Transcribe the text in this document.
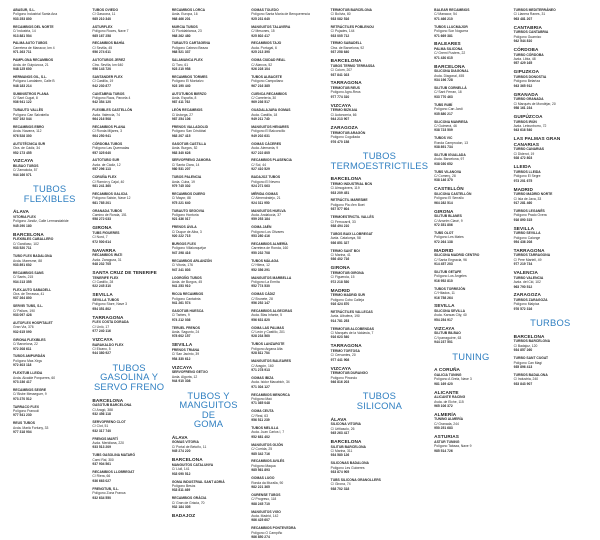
ABASUR, S.L.
Polígono Industrial Santa Ana
933 253 800
RECAMBIOS DEL NORTE
C/ Industria, 14
913 881 504
PALMA AUTO TUBOS
Carretera de Manacor, km 4
971 263 711
PAMPLONA RECAMBIOS
Avda. de Guipúzcoa, 21
948 125 600
HERMANOS GIL, S.L.
Polígono Landaben, Calle B
948 183 214
SUMINISTROS PLANA
C/ Sant Cugat, 8
936 941 122
TUBAUTO VALLÈS
Polígono Can Salvatella
937 192 044
RECAMBIOS EBRO
Avda. Navarra, 112
976 528 300
AUTOTÉCNICA SUR
Ctra. de Cádiz, 34
952 173 455
VIZCAYA
BILBAO TUBOS
C/ Zamakola, 57
944 166 071
TUBOS
FLEXIBLES
ÁLAVA
VITORIA FLEX
Polígono Júndiz, Calle Lermandabide
945 290 180
BARCELONA
FLEXIBLES CABALLERO
C/ Garcilaso, 102
933 520 711
TUBO FLEX BADALONA
Avda. Maresme, 88
933 891 602
RECAMBIOS SANS
C/ Sants, 215
934 213 355
FLEX-AUTO SABADELL
Ctra. de Terrassa, 41
937 264 800
SERVEI TUBS, S.L.
C/ Pallars, 190
933 097 428
AUTOFLEX HOSPITALET
Gran Via, 376
932 615 090
GIRONA FLEXIBLES
C/ Barcelona, 22
972 208 611
TUBOS AMPURDÁN
Polígono Mas Xirgu
972 403 118
FLEXITUB LLEIDA
Avda. Alcalde Porqueres, 60
973 236 417
RECAMBIOS SEGRE
C/ Bisbe Messeguer, 9
973 270 512
TARRACO FLEX
Polígono Francolí
977 541 230
REUS TUBOS
Avda. Marià Fortuny, 33
977 318 904
TUBOS OVIEDO
C/ Gascona, 11
985 210 340
ASTURFLEX
Polígono Roces, Nave 7
985 167 258
RECAMBIOS BAHÍA
C/ Sevilla, 45
956 274 611
AUTOTUBOS JEREZ
Ctra. Sevilla, km 640
956 143 720
SANTANDER FLEX
C/ Castilla, 19
942 230 877
CANTABRIA TUBOS
Polígono Raos, Parcela 4
942 354 120
FLEXIBLES CASTELLÓN
Avda. Valencia, 74
964 216 508
RECAMBIOS PLANA
C/ Ronda Mijares, 3
964 250 941
CÓRDOBA TUBOS
Polígono Las Quemadas
957 325 640
AUTOTUBO SUR
Avda. de Cádiz, 12
957 296 113
CORUÑA FLEX
C/ Ramón y Cajal, 40
981 241 360
RECAMBIOS GALICIA
Polígono Sabón, Nave 12
981 785 201
GRANADA TUBOS
Camino de Ronda, 151
958 272 033
GIRONA
TUBS FIGUERES
C/ Nord, 7
972 500 614
NAVARRA
RECAMBIOS IRATI
Avda. Zaragoza, 31
948 232 705
SANTA CRUZ DE TENERIFE
TENERIFE FLEX
C/ Castillo, 28
922 245 310
SEVILLA
SEVILLA TUBOS
Polígono Store, Nave 3
954 351 802
TARRAGONA
FLEX COSTA DORADA
C/ Unió, 17
977 240 116
VIZCAYA
BARAKALDO FLEX
C/ Elcano, 5
944 380 927
TUBOS
GASOLINA Y
SERVO FRENO
BARCELONA
GASOTUB BARCELONA
C/ Aragó, 388
932 456 118
SERVOFRENO CLOT
C/ Clot, 51
932 317 740
FRENOS MARTÍ
Avda. Meridiana, 220
933 513 209
TUBS GASOLINA MATARÓ
Camí Ral, 300
937 904 561
RECAMBIOS LLOBREGAT
C/ Riera, 66
936 663 027
FRENOTUB, S.L.
Polígono Zona Franca
932 634 550
RECAMBIOS LORCA
Avda. Europa, 16
968 466 201
MURCIA TUBOS
C/ Floridablanca, 23
968 262 480
TUBAUTO CARTAGENA
Polígono Cabezo Beaza
968 521 337
SALAMANCA FLEX
C/ Toro, 61
923 210 958
RECAMBIOS TORMES
Polígono El Montalvo
923 190 440
AUTOTUBOS BIERZO
Avda. España, 8
987 411 762
LEÓN RECAMBIOS
C/ Astorga, 27
987 254 106
FRENOS VALLADOLID
Polígono San Cristóbal
983 207 415
GASOTUB CASTILLA
Avda. Burgos, 52
983 340 628
SERVOFRENO ZAMORA
C/ Santa Clara, 14
980 531 207
TUBOS PALENCIA
Avda. Cuba, 19
979 745 302
RECAMBIOS DUERO
C/ Mayor, 88
975 221 640
TUBAUTO SEGOVIA
Polígono Hontoria
921 436 017
FRENOS ÁVILA
C/ Duque de Alba, 3
920 222 715
BURGOS FLEX
Polígono Villalonquéjar
947 298 416
RECAMBIOS ARLANZÓN
C/ Vitoria, 176
947 241 803
LOGROÑO TUBOS
Avda. de Burgos, 45
941 253 910
RIOJA RECAMBIOS
Polígono Cantabria
941 261 574
GASOTUB HUESCA
C/ Tarbes, 9
974 212 036
TERUEL FRENOS
Avda. Sagunto, 24
978 602 157
SEVILLA
FRENOS TRIANA
C/ San Jacinto, 39
954 330 612
VIZCAYA
SERVOFRENO GETXO
Avda. Algorta, 12
944 910 308
TUBOS Y
MANGUITOS DE
GOMA
ÁLAVA
GOMAS VITORIA
C/ Portal de Betoño, 11
945 274 220
BARCELONA
MANGUITOS CATALUNYA
C/ Llull, 141
933 090 512
GOMA INDUSTRIAL SANT ADRIÀ
Polígono Besòs
933 811 469
RECAMBIOS GRÀCIA
C/ Gran de Gràcia, 70
932 184 305
BADAJOZ
GOMAS TOLEDO
Polígono Santa María de Benquerencia
925 231 640
MANGUITOS TALAVERA
C/ Mesones, 15
925 802 417
RECAMBIOS TAJO
Avda. Portugal, 6
925 213 390
GOMA CIUDAD REAL
C/ Alarcos, 52
926 228 104
TUBOS ALBACETE
Polígono Campollano
967 216 385
CUENCA RECAMBIOS
C/ Carretería, 30
969 236 517
GUADALAJARA GOMAS
Avda. Castilla, 18
949 211 740
MANGUITOS HENARES
Polígono El Balconcillo
949 202 631
GOMAS CÁCERES
Avda. Alemania, 9
927 222 805
RECAMBIOS PLASENCIA
C/ Sol, 44
927 410 529
BADAJOZ TUBOS
Polígono El Nevero
924 271 063
MÉRIDA GOMAS
C/ Almendralejo, 21
924 311 950
MANGUITOS HUELVA
Avda. Andalucía, 37
959 253 184
GOMA JAÉN
Polígono Los Olivares
953 280 416
RECAMBIOS ALMERÍA
Carretera de Ronda, 160
950 232 708
TUBOS MÁLAGA
C/ Hilera, 12
952 356 291
MANGUITOS MARBELLA
Polígono La Ermita
952 774 530
GOMAS CÁDIZ
C/ Brunete, 28
956 252 147
RECAMBIOS ALGECIRAS
Avda. Blas Infante, 5
956 631 820
GOMA LAS PALMAS
C/ León y Castillo, 201
928 234 560
TUBOS LANZAROTE
Polígono Argana Alta
928 811 704
MANGUITOS BALEARES
C/ Aragón, 160
971 278 913
GOMAS IBIZA
Avda. Isidor Macabich, 34
971 304 127
RECAMBIOS MENORCA
Polígono Maó
971 365 048
GOMA CEUTA
C/ Real, 63
956 511 239
TUBOS MELILLA
Avda. Juan Carlos I, 7
952 681 402
MANGUITOS GIJÓN
C/ Corrida, 25
985 342 716
RECAMBIOS AVILÉS
Polígono Maqua
985 561 893
GOMAS LUGO
Ronda da Muralla, 90
982 221 365
OURENSE TUBOS
C/ Progreso, 118
988 245 710
MANGUITOS VIGO
Avda. Madrid, 142
986 425 607
RECAMBIOS PONTEVEDRA
Polígono O Campiño
986 850 274
TERMOTUB BARCELONA
C/ Bolívia, 80
933 082 516
RETRÁCTILES POBLENOU
C/ Pujades, 144
933 005 712
TERMO SABADELL
Ctra. de Barcelona, 92
937 258 640
BARCELONA
TUBOS TERMO TERRASSA
C/ Colom, 207
937 841 023
TARRAGONA
TERMOTUB REUS
Polígono Agro-Reus
977 774 310
VIZCAYA
TERMO BIZKAIA
C/ Autonomía, 66
944 213 907
ZARAGOZA
TERMOTUB ARAGÓN
Polígono Cogullada
976 470 158
TUBOS
TERMOESTRICTILES
BARCELONA
TERMO INDUSTRIAL BCN
C/ Almogàvers, 119
933 209 451
RETRÁCTIL MARESME
Polígono Pla d'en Boet
937 577 604
TERMOESTRICTIL VALLÈS
C/ Ferrocarril, 33
938 494 210
TUBOS BAIX LLOBREGAT
Avda. Catalunya, 58
936 851 327
TERMO SANT BOI
C/ Marina, 41
936 402 716
GIRONA
TERMOTUB GIRONA
C/ Figuerola, 15
972 218 530
MADRID
TERMO MADRID SUR
Polígono Cobo Calleja
916 424 870
RETRÁCTILES VALLECAS
Avda. Albufera, 190
914 781 253
TERMOTUB ALCOBENDAS
C/ Marqués de la Valdavia, 7
916 623 540
TARRAGONA
TERMO TORTOSA
C/ Cervantes, 20
977 441 908
VIZCAYA
TERMOTUB DURANGO
Polígono Pinondo
946 816 203
TUBOS
SILICONA
ÁLAVA
SILICONA VITORIA
C/ Uritiasolo, 26
945 263 417
BARCELONA
SILITUB BARCELONA
C/ Marina, 311
934 580 126
SILICONAS BADALONA
Polígono Les Guixeres
933 874 905
TUBS SILICONA GRANOLLERS
C/ Girona, 74
938 702 318
BALEAR RECAMBIOS
C/ Manacor, 54
971 466 210
TUBOS LLUCMAJOR
Polígono Son Noguera
971 669 381
BALEARES
PALMA SILICONA
C/ Gremi Fusters, 22
971 430 615
BARCELONA
SILICONA DIAGONAL
Avda. Diagonal, 455
934 196 728
SILITUB CORNELLÀ
C/ Sant Ferran, 18
933 770 463
TUBS RUBÍ
Polígono Can Jardí
935 880 217
SILICONA MANRESA
C/ Guimerà, 46
938 723 509
TUBOS VIC
Ronda Camprodon, 13
938 891 734
SILITUB IGUALADA
Avda. Barcelona, 97
938 030 652
TUBS VILANOVA
C/ Comerç, 28
938 146 370
CASTELLÓN
SILICONA CASTELLÓN
Polígono El Serrallo
964 282 514
GIRONA
SILITUB BLANES
C/ Anselm Clavé, 9
972 351 806
TUBS OLOT
Polígono Les Mates
972 264 138
MADRID
SILICONA MADRID CENTRO
C/ Santa Engracia, 96
914 457 203
SILITUB GETAFE
Polígono Los Ángeles
916 952 810
TUBOS TORREJÓN
C/ Hilados, 11
916 758 264
SEVILLA
SILICONA SEVILLA
Avda. Kansas City, 40
954 254 917
VIZCAYA
SILITUB BILBAO
C/ Iparraguirre, 63
944 237 501
TUNING
A CORUÑA
GALICIA TUNING
Polígono A Grela, Nave 3
981 169 420
ALICANTE
ALICANTE RACING
Avda. de Elche, 115
965 106 372
ALMERÍA
TUNING ALMERÍA
C/ Granada, 244
950 251 683
ASTURIAS
ASTUR TUNING
Polígono Tabaza, Nave 9
985 514 726
TURBOS MEDITERRÁNEO
C/ Llanera Ranes, 31
963 481 207
CANTABRIA
TURBOS CANTABRIA
Polígono Guarnizo
942 544 810
CÓRDOBA
TURBO CÓRDOBA
Avda. Libia, 48
957 429 165
GIPUZKOA
TURBOS DONOSTIA
Polígono Belartza
943 365 912
GRANADA
TURBO GRANADA
C/ Marqués de Mondéjar, 20
958 161 234
GUIPÚZCOA
TURBOS IRÚN
Avda. Letxunborro, 72
943 616 540
LAS PALMAS GRAN CANARIAS
TURBO CANARIAS
C/ Diderot, 19
928 472 803
LLEIDA
TURBOS LLEIDA
Polígono El Segre
973 201 675
MADRID
TURBO MADRID NORTE
C/ Isla de Java, 33
917 281 460
TURBOS LEGANÉS
Polígono Prado Overa
916 890 315
SEVILLA
TURBO SEVILLA
Polígono Calonge
954 436 208
TARRAGONA
TURBOS TARRAGONA
C/ Pere Martell, 49
977 219 734
VALENCIA
TURBO VALENCIA
Avda. del Cid, 102
963 790 512
ZARAGOZA
TURBOS ZARAGOZA
Polígono Malpica
976 572 316
TURBOS
BARCELONA
TURBOS BARCELONA
C/ Badajoz, 120
934 857 260
TURBO SANT CUGAT
Polígono Can Magí
935 896 413
TURBOS BADALONA
C/ Industria, 240
933 843 907
